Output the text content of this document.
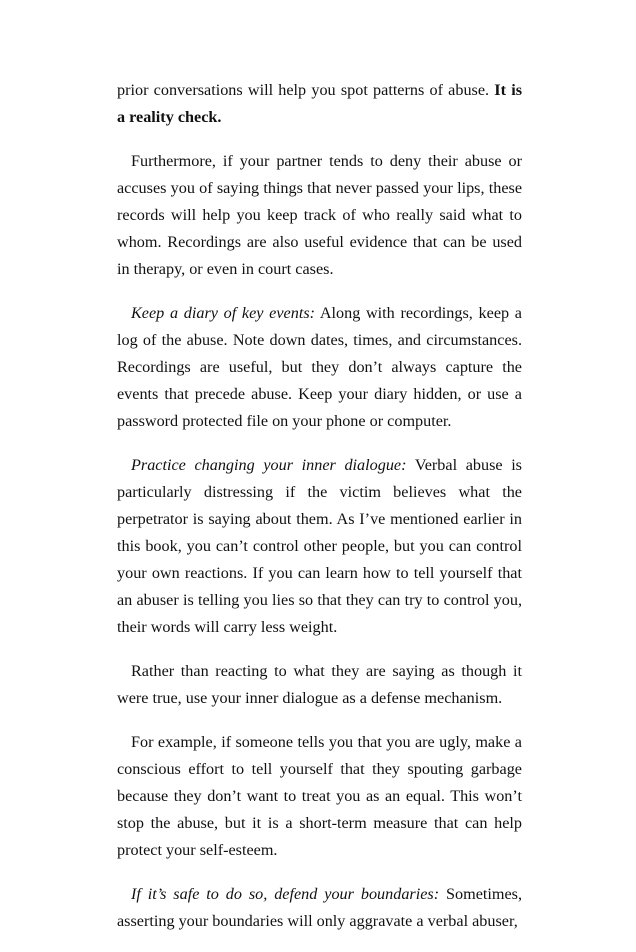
prior conversations will help you spot patterns of abuse. It is a reality check.

Furthermore, if your partner tends to deny their abuse or accuses you of saying things that never passed your lips, these records will help you keep track of who really said what to whom. Recordings are also useful evidence that can be used in therapy, or even in court cases.

Keep a diary of key events: Along with recordings, keep a log of the abuse. Note down dates, times, and circumstances. Recordings are useful, but they don’t always capture the events that precede abuse. Keep your diary hidden, or use a password protected file on your phone or computer.

Practice changing your inner dialogue: Verbal abuse is particularly distressing if the victim believes what the perpetrator is saying about them. As I’ve mentioned earlier in this book, you can’t control other people, but you can control your own reactions. If you can learn how to tell yourself that an abuser is telling you lies so that they can try to control you, their words will carry less weight.

Rather than reacting to what they are saying as though it were true, use your inner dialogue as a defense mechanism.

For example, if someone tells you that you are ugly, make a conscious effort to tell yourself that they spouting garbage because they don’t want to treat you as an equal. This won’t stop the abuse, but it is a short-term measure that can help protect your self-esteem.

If it’s safe to do so, defend your boundaries: Sometimes, asserting your boundaries will only aggravate a verbal abuser,
